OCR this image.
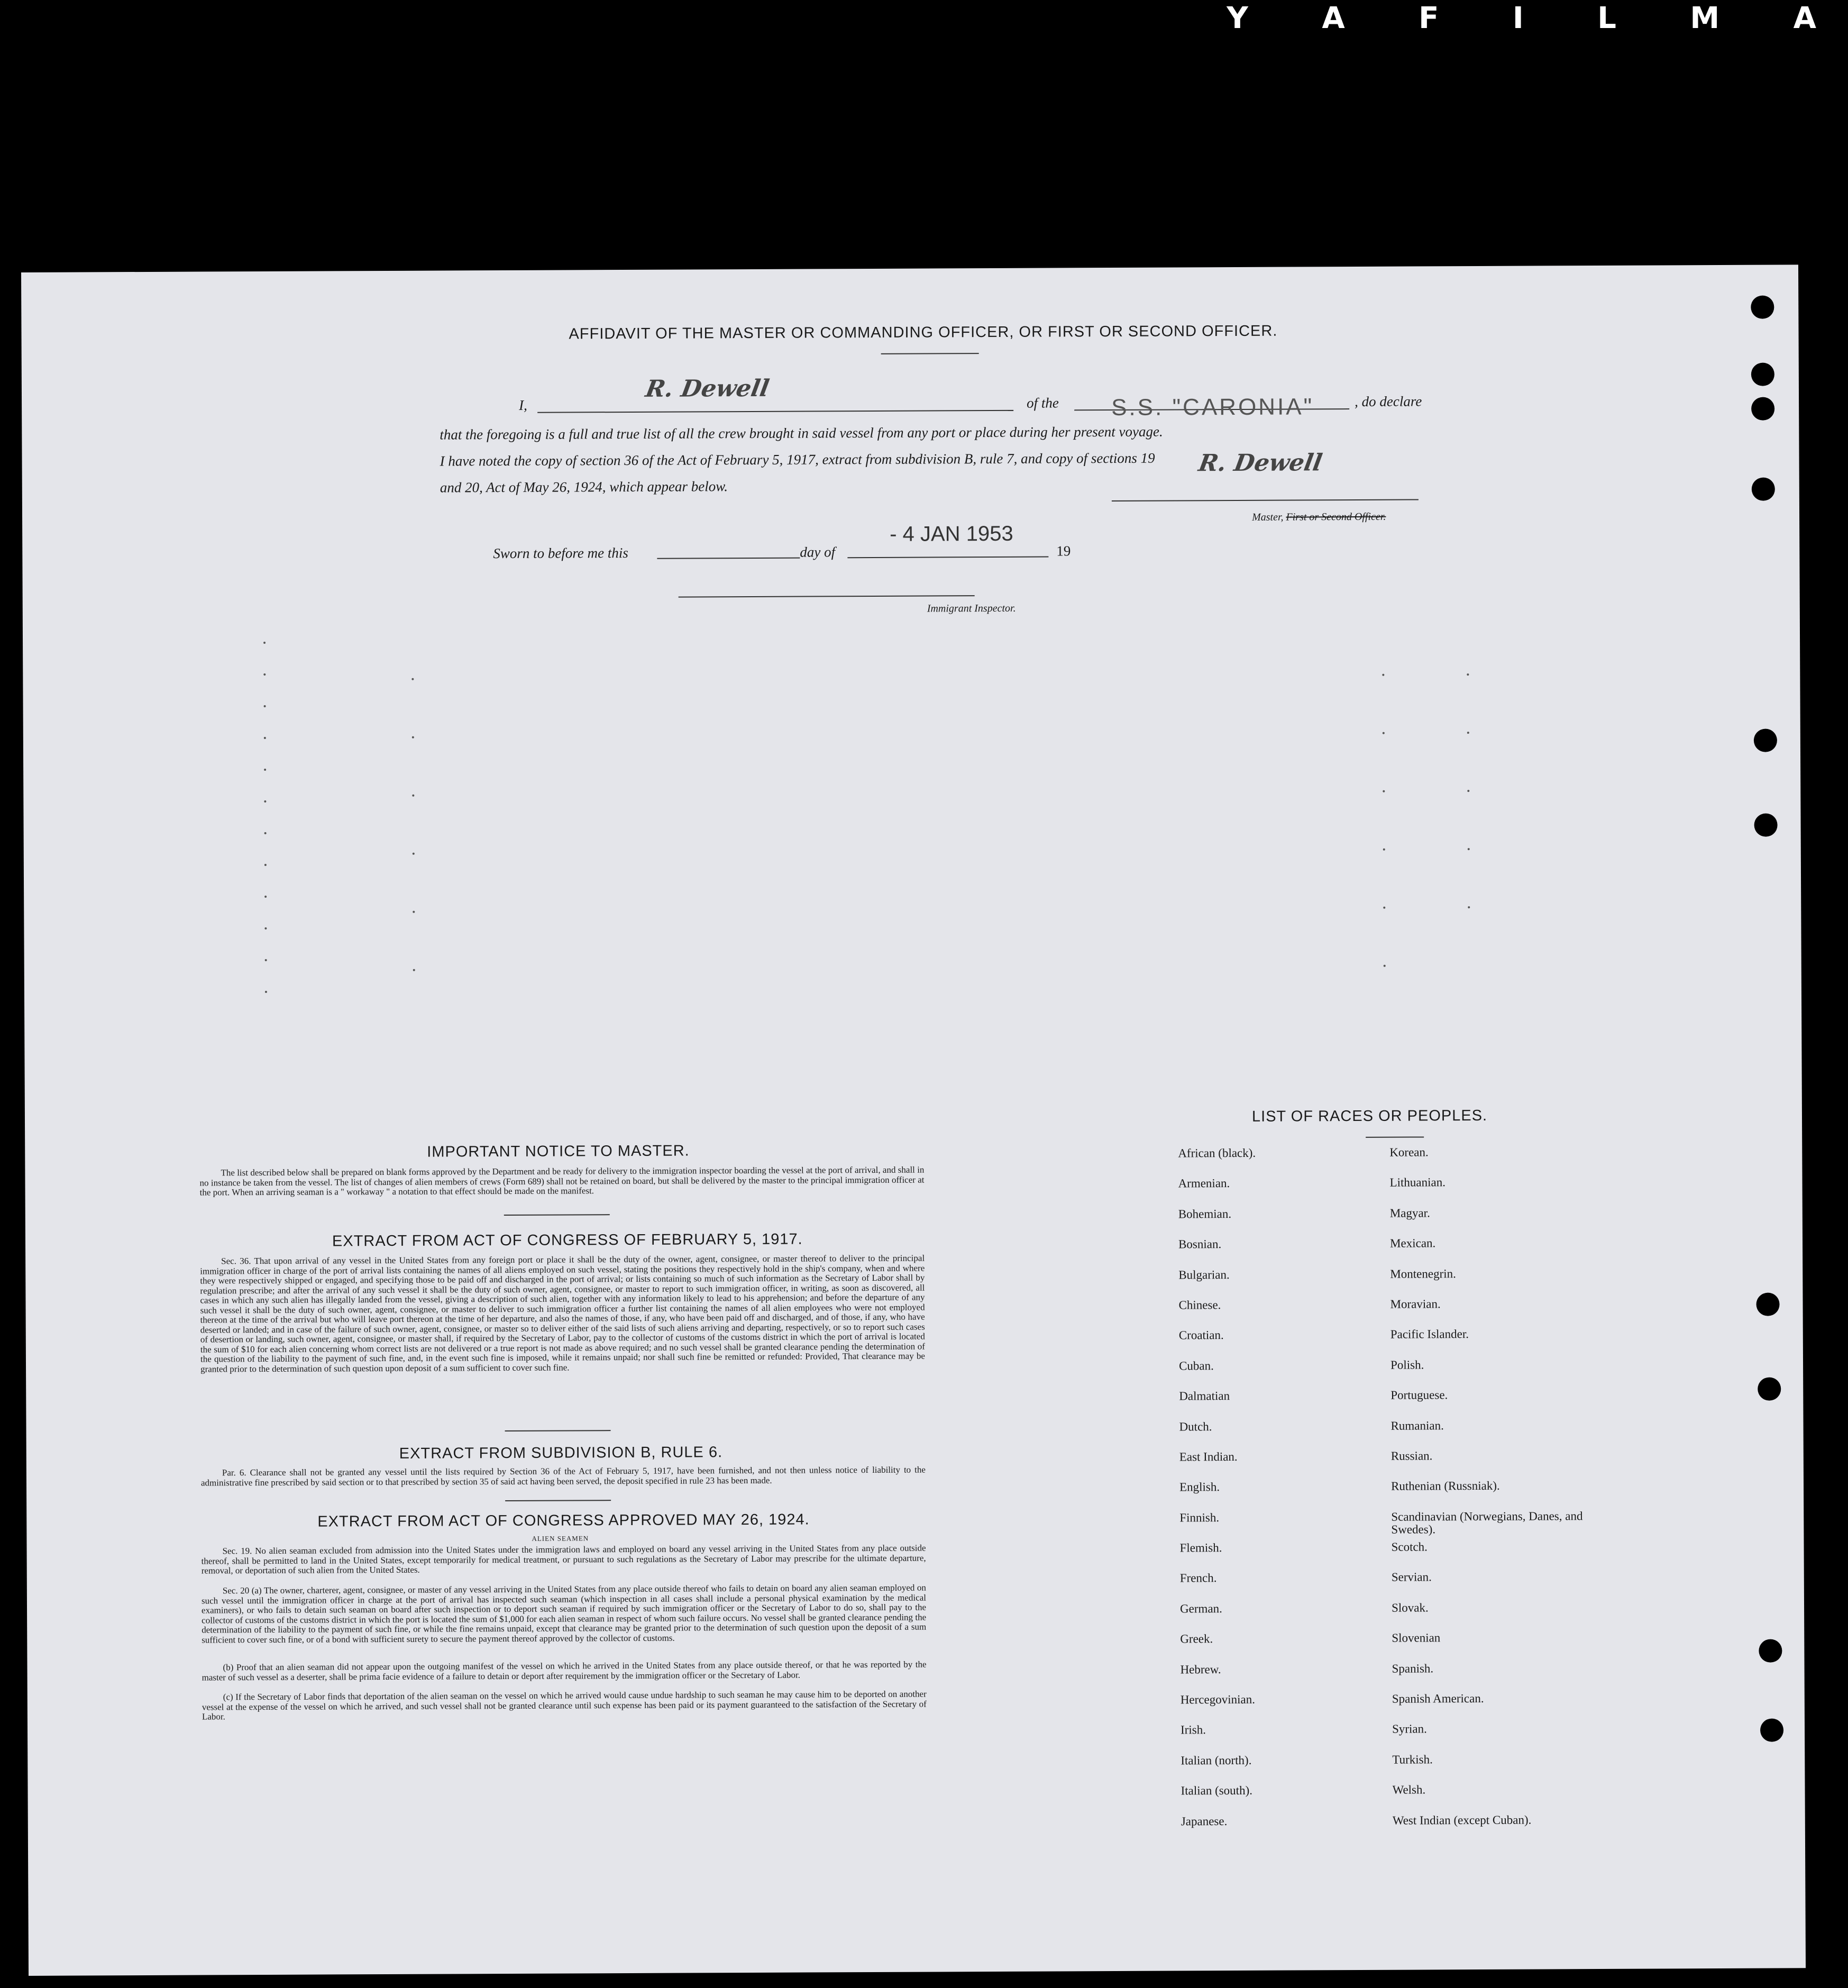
Y A F I L M A
AFFIDAVIT OF THE MASTER OR COMMANDING OFFICER, OR FIRST OR SECOND OFFICER.
I,
R. Dewell
of the S.S. "CARONIA"	, do declare
that the foregoing is a full and true list of all the crew brought in said vessel from any port or place during her present voyage.
I have noted the copy of section 36 of the Act of February 5, 1917, extract from subdivision B, rule 7, and copy of sections 19
and 20, Act of May 26, 1924, which appear below.
R. Dewell
Master, First or Second Officer.
Sworn to before me this	day of
- 4 JAN 1953
19
Immigrant Inspector.
IMPORTANT NOTICE TO MASTER.
The list described below shall be prepared on blank forms approved by the Department and be ready for delivery to the immigration inspector boarding the vessel at the port of arrival, and shall in no instance be taken from the vessel. The list of changes of alien members of crews (Form 689) shall not be retained on board, but shall be delivered by the master to the principal immigration officer at the port. When an arriving seaman is a " workaway " a notation to that effect should be made on the manifest.
EXTRACT FROM ACT OF CONGRESS OF FEBRUARY 5, 1917.
Sec. 36. That upon arrival of any vessel in the United States from any foreign port or place it shall be the duty of the owner, agent, consignee, or master thereof to deliver to the principal immigration officer in charge of the port of arrival lists containing the names of all aliens employed on such vessel, stating the positions they respectively hold in the ship's company, when and where they were respectively shipped or engaged, and specifying those to be paid off and discharged in the port of arrival; or lists containing so much of such information as the Secretary of Labor shall by regulation prescribe; and after the arrival of any such vessel it shall be the duty of such owner, agent, consignee, or master to report to such immigration officer, in writing, as soon as discovered, all cases in which any such alien has illegally landed from the vessel, giving a description of such alien, together with any information likely to lead to his apprehension; and before the departure of any such vessel it shall be the duty of such owner, agent, consignee, or master to deliver to such immigration officer a further list containing the names of all alien employees who were not employed thereon at the time of the arrival but who will leave port thereon at the time of her departure, and also the names of those, if any, who have been paid off and discharged, and of those, if any, who have deserted or landed; and in case of the failure of such owner, agent, consignee, or master so to deliver either of the said lists of such aliens arriving and departing, respectively, or so to report such cases of desertion or landing, such owner, agent, consignee, or master shall, if required by the Secretary of Labor, pay to the collector of customs of the customs district in which the port of arrival is located the sum of $10 for each alien concerning whom correct lists are not delivered or a true report is not made as above required; and no such vessel shall be granted clearance pending the determination of the question of the liability to the payment of such fine, and, in the event such fine is imposed, while it remains unpaid; nor shall such fine be remitted or refunded: Provided, That clearance may be granted prior to the determination of such question upon deposit of a sum sufficient to cover such fine.
EXTRACT FROM SUBDIVISION B, RULE 6.
Par. 6. Clearance shall not be granted any vessel until the lists required by Section 36 of the Act of February 5, 1917, have been furnished, and not then unless notice of liability to the administrative fine prescribed by said section or to that prescribed by section 35 of said act having been served, the deposit specified in rule 23 has been made.
EXTRACT FROM ACT OF CONGRESS APPROVED MAY 26, 1924.
ALIEN SEAMEN
Sec. 19. No alien seaman excluded from admission into the United States under the immigration laws and employed on board any vessel arriving in the United States from any place outside thereof, shall be permitted to land in the United States, except temporarily for medical treatment, or pursuant to such regulations as the Secretary of Labor may prescribe for the ultimate departure, removal, or deportation of such alien from the United States.
Sec. 20 (a) The owner, charterer, agent, consignee, or master of any vessel arriving in the United States from any place outside thereof who fails to detain on board any alien seaman employed on such vessel until the immigration officer in charge at the port of arrival has inspected such seaman (which inspection in all cases shall include a personal physical examination by the medical examiners), or who fails to detain such seaman on board after such inspection or to deport such seaman if required by such immigration officer or the Secretary of Labor to do so, shall pay to the collector of customs of the customs district in which the port is located the sum of $1,000 for each alien seaman in respect of whom such failure occurs. No vessel shall be granted clearance pending the determination of the liability to the payment of such fine, or while the fine remains unpaid, except that clearance may be granted prior to the determination of such question upon the deposit of a sum sufficient to cover such fine, or of a bond with sufficient surety to secure the payment thereof approved by the collector of customs.
(b) Proof that an alien seaman did not appear upon the outgoing manifest of the vessel on which he arrived in the United States from any place outside thereof, or that he was reported by the master of such vessel as a deserter, shall be prima facie evidence of a failure to detain or deport after requirement by the immigration officer or the Secretary of Labor.
(c) If the Secretary of Labor finds that deportation of the alien seaman on the vessel on which he arrived would cause undue hardship to such seaman he may cause him to be deported on another vessel at the expense of the vessel on which he arrived, and such vessel shall not be granted clearance until such expense has been paid or its payment guaranteed to the satisfaction of the Secretary of Labor.
LIST OF RACES OR PEOPLES.
African (black).
Armenian.
Bohemian.
Bosnian.
Bulgarian.
Chinese.
Croatian.
Cuban.
Dalmatian
Dutch.
East Indian.
English.
Finnish.
Flemish.
French.
German.
Greek.
Hebrew.
Hercegovinian.
Irish.
Italian (north).
Italian (south).
Japanese.
Korean.
Lithuanian.
Magyar.
Mexican.
Montenegrin.
Moravian.
Pacific Islander.
Polish.
Portuguese.
Rumanian.
Russian.
Ruthenian (Russniak).
Scandinavian (Norwegians, Danes, and Swedes).
Scotch.
Servian.
Slovak.
Slovenian
Spanish.
Spanish American.
Syrian.
Turkish.
Welsh.
West Indian (except Cuban).
